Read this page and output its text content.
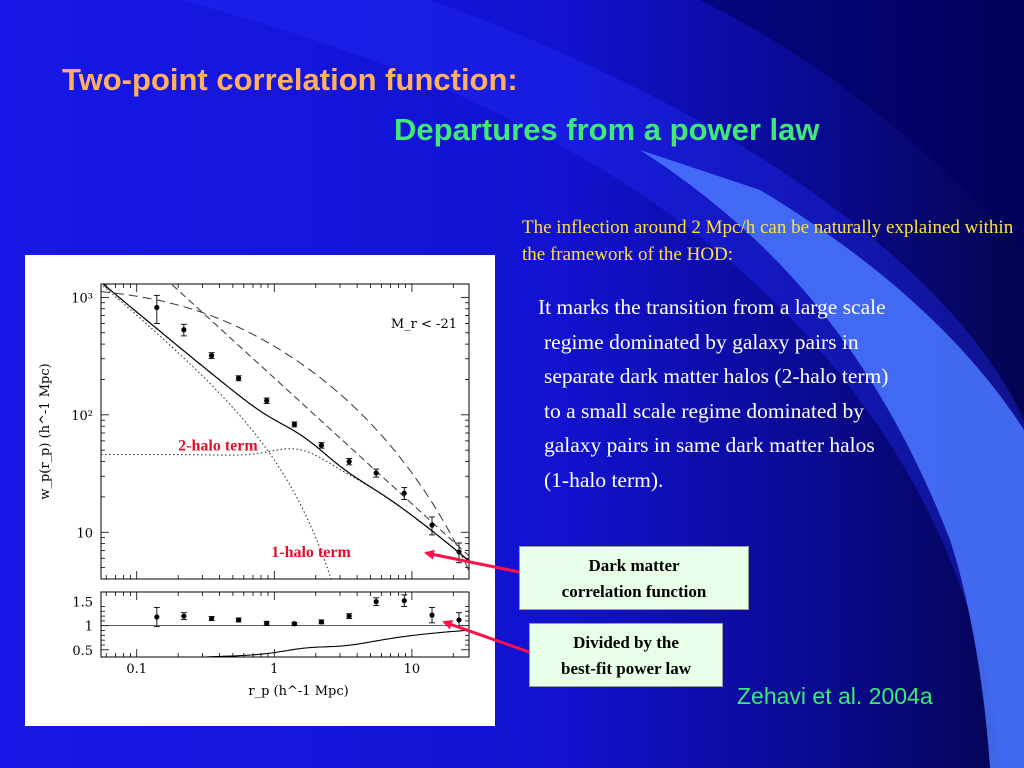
Two-point correlation function:
Departures from a power law
The inflection around 2 Mpc/h can be naturally explained within the framework of the HOD:
It marks the transition from a large scale
regime dominated by galaxy pairs in
separate dark matter halos (2-halo term)
to a small scale regime dominated by
galaxy pairs in same dark matter halos
(1-halo term).
10³
10²
10
1.5
1
0.5
0.1	1	10
r_p (h^-1 Mpc)
w_p(r_p) (h^-1 Mpc)
M_r < -21
2-halo term
1-halo term
Dark matter
correlation function
Divided by the
best-fit power law
Zehavi et al. 2004a
